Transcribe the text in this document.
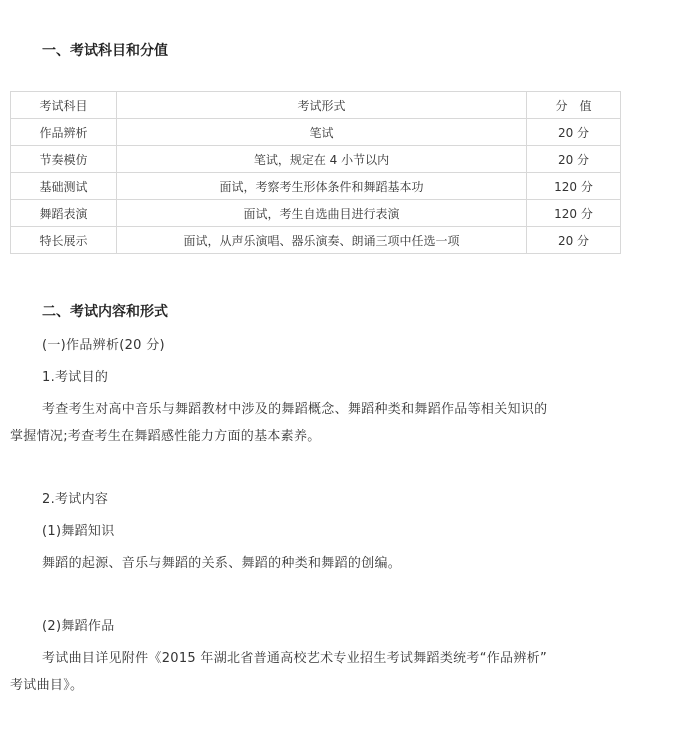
一、考试科目和分值
考试科目	考试形式	分　值
作品辨析	笔试	20 分
节奏模仿	笔试，规定在 4 小节以内	20 分
基础测试	面试，考察考生形体条件和舞蹈基本功	120 分
舞蹈表演	面试，考生自选曲目进行表演	120 分
特长展示	面试，从声乐演唱、器乐演奏、朗诵三项中任选一项	20 分
二、考试内容和形式

(一)作品辨析(20 分)

1.考试目的

考查考生对高中音乐与舞蹈教材中涉及的舞蹈概念、舞蹈种类和舞蹈作品等相关知识的

掌握情况;考查考生在舞蹈感性能力方面的基本素养。

2.考试内容

(1)舞蹈知识

舞蹈的起源、音乐与舞蹈的关系、舞蹈的种类和舞蹈的创编。

(2)舞蹈作品

考试曲目详见附件《2015 年湖北省普通高校艺术专业招生考试舞蹈类统考“作品辨析”

考试曲目》。
